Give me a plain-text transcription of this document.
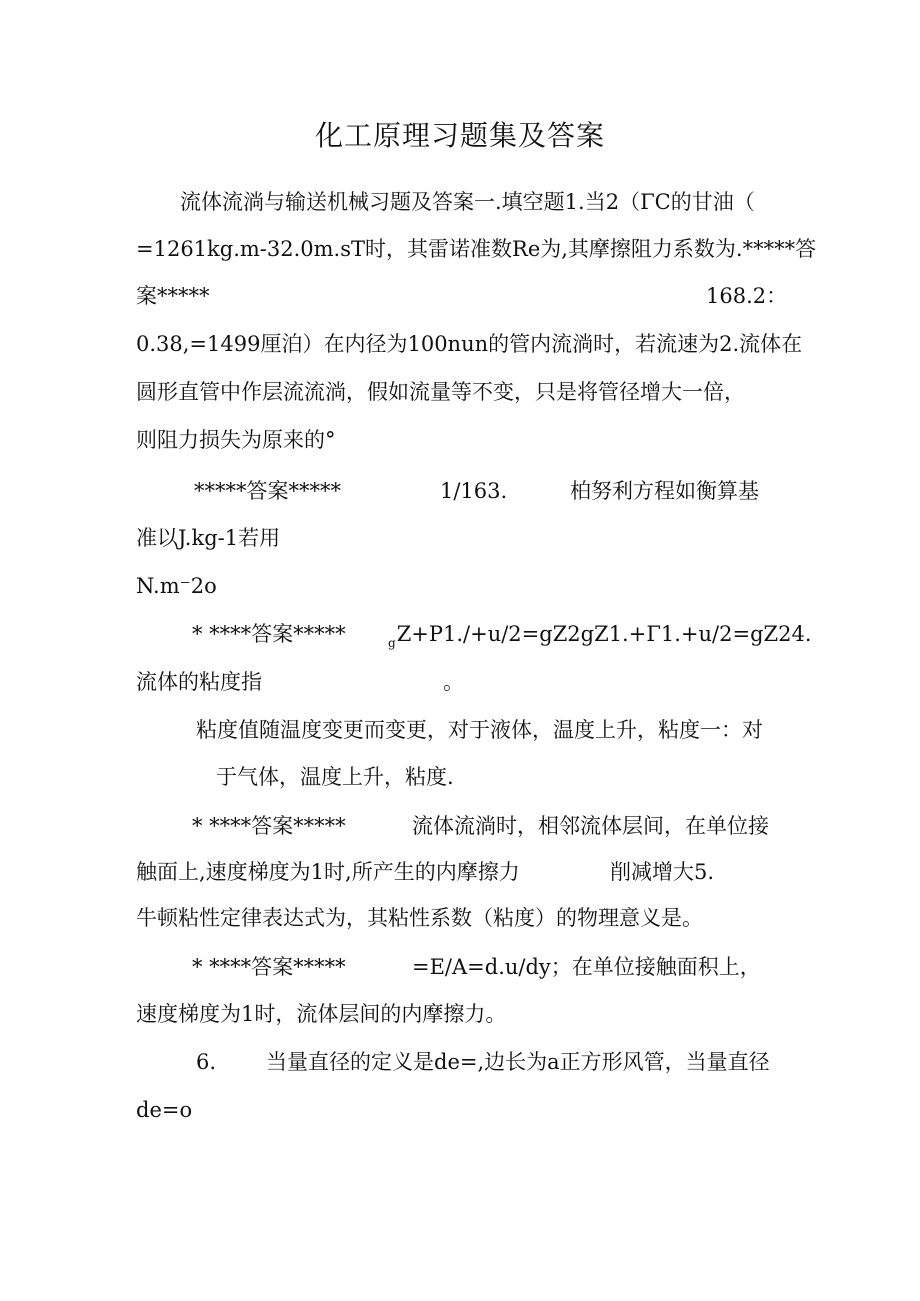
化工原理习题集及答案
流体流淌与输送机械习题及答案一.填空题1.当2（ΓC的甘油（
=1261kg.m-32.0m.sT时，其雷诺准数Re为,其摩擦阻力系数为.*****答
案*****	168.2：
0.38,=1499厘泊）在内径为100nun的管内流淌时，若流速为2.流体在
圆形直管中作层流流淌，假如流量等不变，只是将管径增大一倍，
则阻力损失为原来的°
*****答案*****	1/163.	柏努利方程如衡算基
准以J.kg-1若用
N.m⁻2o
* ****答案*****	$_g$Z+P1./+u/2=gZ2gZ1.+Γ1.+u/2=gZ24.
流体的粘度指	。
粘度值随温度变更而变更，对于液体，温度上升，粘度一：对
于气体，温度上升，粘度.
* ****答案*****	流体流淌时，相邻流体层间，在单位接
触面上,速度梯度为1时,所产生的内摩擦力	削减增大5.
牛顿粘性定律表达式为，其粘性系数（粘度）的物理意义是。
* ****答案*****	=E/A=d.u/dy；在单位接触面积上，
速度梯度为1时，流体层间的内摩擦力。
6. 当量直径的定义是de=,边长为a正方形风管，当量直径
de=o
